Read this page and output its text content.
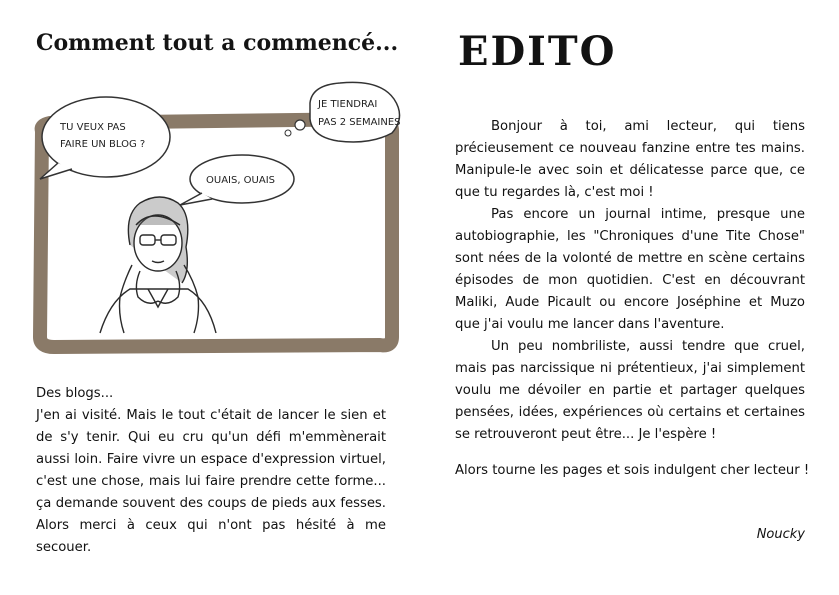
Comment tout a commencé... EDITO
TU VEUX PAS
FAIRE UN BLOG ?
JE TIENDRAI
PAS 2 SEMAINES
OUAIS, OUAIS

Des blogs...

J'en ai visité. Mais le tout c'était de lancer le sien et de s'y tenir. Qui eu cru qu'un défi m'emmènerait aussi loin. Faire vivre un espace d'expression virtuel, c'est une chose, mais lui faire prendre cette forme... ça demande souvent des coups de pieds aux fesses. Alors merci à ceux qui n'ont pas hésité à me secouer.

Bonjour à toi, ami lecteur, qui tiens précieusement ce nouveau fanzine entre tes mains. Manipule-le avec soin et délicatesse parce que, ce que tu regardes là, c'est moi !

Pas encore un journal intime, presque une autobiographie, les "Chroniques d'une Tite Chose" sont nées de la volonté de mettre en scène certains épisodes de mon quotidien. C'est en découvrant Maliki, Aude Picault ou encore Joséphine et Muzo que j'ai voulu me lancer dans l'aventure.

Un peu nombriliste, aussi tendre que cruel, mais pas narcissique ni prétentieux, j'ai simplement voulu me dévoiler en partie et partager quelques pensées, idées, expériences où certains et certaines se retrouveront peut être... Je l'espère !

Alors tourne les pages et sois indulgent cher lecteur !

Noucky
